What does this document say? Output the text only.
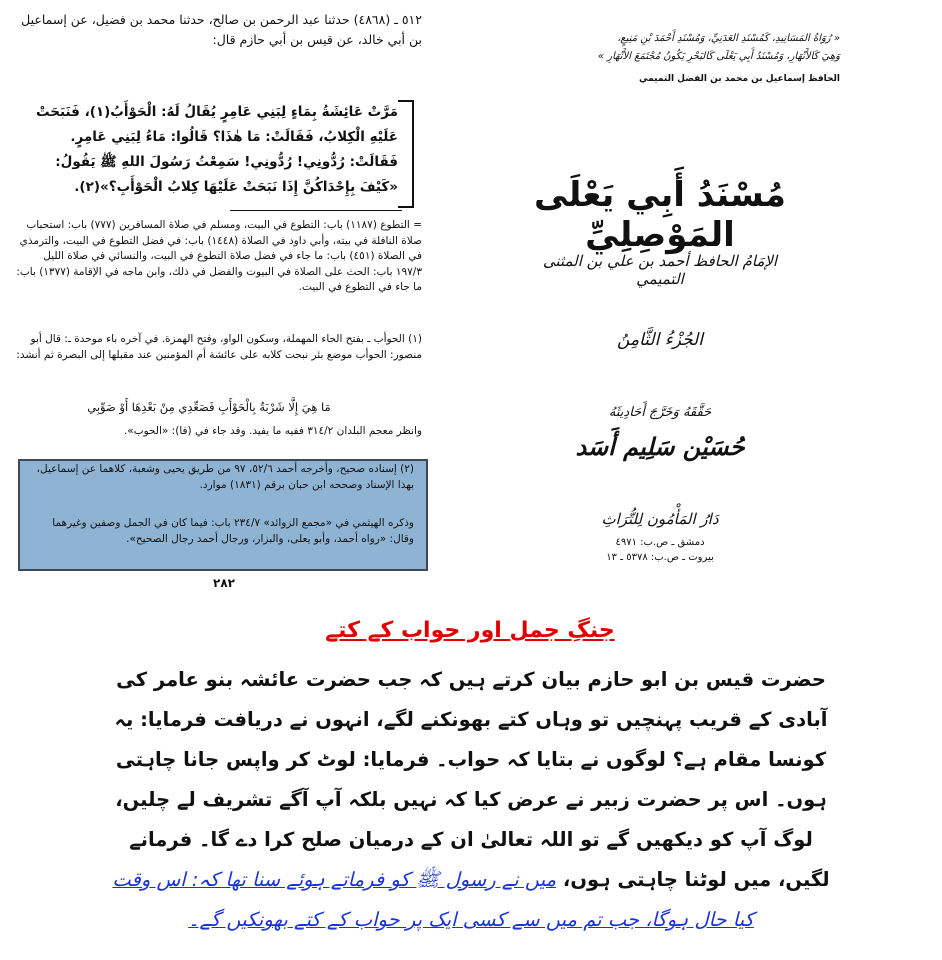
٥١٢ ـ (٤٨٦٨) حدثنا عبد الرحمن بن صالح، حدثنا محمد بن فضيل، عن إسماعيل بن أبي خالد، عن قيس بن أبي حازم قال:
مَرَّتْ عَائِشَةُ بِمَاءٍ لِبَنِي عَامِرٍ يُقَالُ لَهُ: الْحَوْأَبُ(١)، فَنَبَحَتْ عَلَيْهِ الْكِلابُ، فَقَالَتْ: مَا هٰذَا؟ قَالُوا: مَاءُ لِبَنِي عَامِرٍ. فَقَالَتْ: رُدُّونِي! رُدُّونِي! سَمِعْتُ رَسُولَ اللهِ ﷺ يَقُولُ: «كَيْفَ بِإِحْدَاكُنَّ إِذَا نَبَحَتْ عَلَيْهَا كِلابُ الْحَوْأَبِ؟»(٢).
= التطوع (١١٨٧) باب: التطوع في البيت، ومسلم في صلاة المسافرين (٧٧٧) باب: استحباب صلاة النافلة في بيته، وأبي داود في الصلاة (١٤٤٨) باب: في فضل التطوع في البيت، والترمذي في الصلاة (٤٥١) باب: ما جاء في فضل صلاة التطوع في البيت، والنسائي في صلاة الليل ١٩٧/٣ باب: الحث على الصلاة في البيوت والفضل في ذلك، وابن ماجه في الإقامة (١٣٧٧) باب: ما جاء في التطوع في البيت.
(١) الحوأب ـ بفتح الحاء المهملة، وسكون الواو، وفتح الهمزة. في آخره باء موحدة ـ: قال أبو منصور: الحوأب موضع بئر نبحت كلابه على عائشة أم المؤمنين عند مقبلها إلى البصرة ثم أنشد:
مَا هِيَ إِلَّا شَرْبَةٌ بِالْحَوْأَبِ فَصَعِّدِي مِنْ بَعْدِهَا أَوْ صَوِّبِي
وانظر معجم البلدان ٣١٤/٢ ففيه ما يفيد. وقد جاء في (فا): «الحوب».
(٢) إسناده صحيح، وأخرجه أحمد ٥٢/٦، ٩٧ من طريق يحيى وشعبة، كلاهما عن إسماعيل، بهذا الإسناد وصححه ابن حبان برقم (١٨٣١) موارد.
وذكره الهيثمي في «مجمع الزوائد» ٢٣٤/٧ باب: فيما كان في الجمل وصفين وغيرهما وقال: «رواه أحمد، وأبو يعلى، والبزار، ورجال أحمد رجال الصحيح».
٢٨٢
« رُوَاةُ المَسَانِيدِ، كَمُسْنَدِ العَدَنِيِّ، وَمُسْنَدِ أَحْمَدَ بْنِ مَنِيعٍ،
وَهِيَ كَالأَنْهَارِ، وَمُسْنَدُ أَبِي يَعْلَى كَالبَحْرِ يَكُونُ مُجْتَمَعَ الأَنْهَارِ »
الحافظ إسماعيل بن محمد بن الفضل التميمي
مُسْنَدُ أَبِي يَعْلَى المَوْصِلِيِّ
الإمَامُ الحافظ أحمد بن علي بن المثنى التميمي
الجُزْءُ الثَّامِنُ
حَقَّقَهُ وَخَرَّجَ أَحَادِيثَهُ
حُسَيْن سَلِيم أَسَد
دَارُ المَأْمُون لِلتُّرَاثِ
دمشق ـ ص.ب: ٤٩٧١
بيروت ـ ص.ب: ٥٣٧٨ ـ ١٣
جنگِ جمل اور حواب کے کتے
حضرت قیس بن ابو حازم بیان کرتے ہیں کہ جب حضرت عائشہ بنو عامر کی آبادی کے قریب پہنچیں تو وہاں کتے بھونکنے لگے، انہوں نے دریافت فرمایا: یہ کونسا مقام ہے؟ لوگوں نے بتایا کہ حواب۔ فرمایا: لوٹ کر واپس جانا چاہتی ہوں۔ اس پر حضرت زبیر نے عرض کیا کہ نہیں بلکہ آپ آگے تشریف لے چلیں، لوگ آپ کو دیکھیں گے تو اللہ تعالیٰ ان کے درمیان صلح کرا دے گا۔ فرمانے لگیں، میں لوٹنا چاہتی ہوں، میں نے رسول ﷺ کو فرماتے ہوئے سنا تھا کہ: اس وقت کیا حال ہوگا، جب تم میں سے کسی ایک پر حواب کے کتے بھونکیں گے۔
